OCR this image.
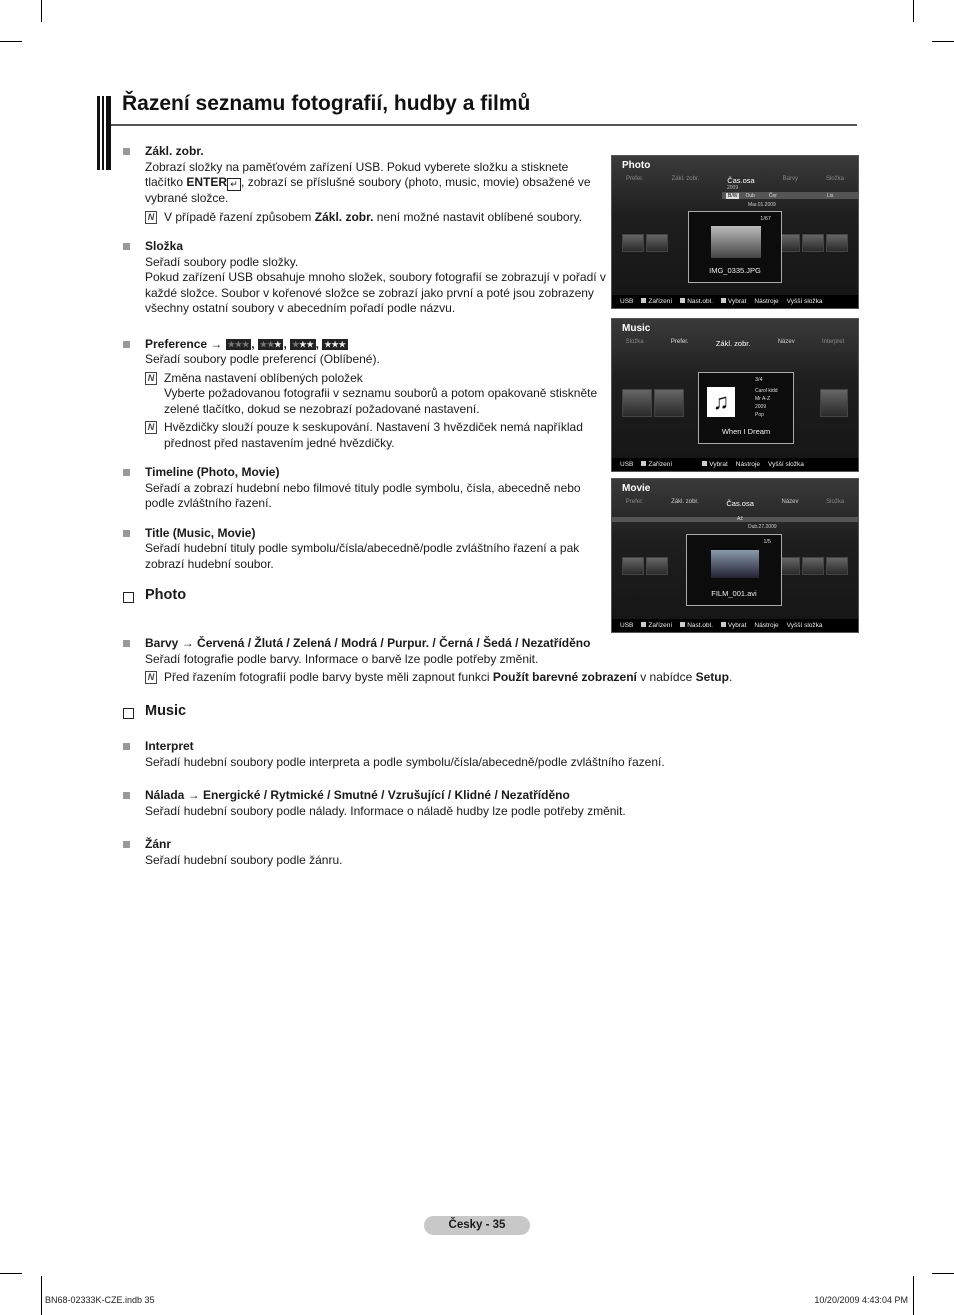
Řazení seznamu fotografií, hudby a filmů
Zákl. zobr.
Zobrazí složky na paměťovém zařízení USB. Pokud vyberete složku a stisknete tlačítko ENTER ↵ , zobrazí se příslušné soubory (photo, music, movie) obsažené ve vybrané složce.
N V případě řazení způsobem Zákl. zobr. není možné nastavit oblíbené soubory.
Složka
Seřadí soubory podle složky.
Pokud zařízení USB obsahuje mnoho složek, soubory fotografií se zobrazují v pořadí v každé složce. Soubor v kořenové složce se zobrazí jako první a poté jsou zobrazeny všechny ostatní soubory v abecedním pořadí podle názvu.
Preference → ★★★ , ★★★ , ★★★ , ★★★
Seřadí soubory podle preferencí (Oblíbené).
N Změna nastavení oblíbených položek
Vyberte požadovanou fotografii v seznamu souborů a potom opakovaně stiskněte zelené tlačítko, dokud se nezobrazí požadované nastavení.
N Hvězdičky slouží pouze k seskupování. Nastavení 3 hvězdiček nemá například přednost před nastavením jedné hvězdičky.
Timeline (Photo, Movie)
Seřadí a zobrazí hudební nebo filmové tituly podle symbolu, čísla, abecedně nebo podle zvláštního řazení.
Title (Music, Movie)
Seřadí hudební tituly podle symbolu/čísla/abecedně/podle zvláštního řazení a pak zobrazí hudební soubor.
Photo
Barvy → Červená / Žlutá / Zelená / Modrá / Purpur. / Černá / Šedá / Nezatříděno
Seřadí fotografie podle barvy. Informace o barvě lze podle potřeby změnit.
N Před řazením fotografií podle barvy byste měli zapnout funkci Použít barevné zobrazení v nabídce Setup.
Music
Interpret
Seřadí hudební soubory podle interpreta a podle symbolu/čísla/abecedně/podle zvláštního řazení.
Nálada → Energické / Rytmické / Smutné / Vzrušující / Klidné / Nezatříděno
Seřadí hudební soubory podle nálady. Informace o náladě hudby lze podle potřeby změnit.
Žánr
Seřadí hudební soubory podle žánru.
Photo
Prefer.	Zákl. zobr.	Čas.osa	Barvy	Složka
2009
B/W	Oub	Čer	Lis
Mar.01.2009
1/67
IMG_0335.JPG
USB	Zařízení	Nast.obl.	Vybrat Nástroje Vyšší složka
Music
Složka	Prefer.	Zákl. zobr.	Název	Interpret
♫
3/4
Carol kidd
Mr A-Z
2009
Pop
When I Dream
USB	Zařízení	Vybrat Nástroje Vyšší složka
Movie
Prefer.	Zákl. zobr.	Čas.osa	Název	Složka
Až
Dub.27.2009
1/5
FILM_001.avi
USB	Zařízení	Nast.obl.	Vybrat Nástroje Vyšší složka
Česky - 35
BN68-02333K-CZE.indb 35	10/20/2009 4:43:04 PM
